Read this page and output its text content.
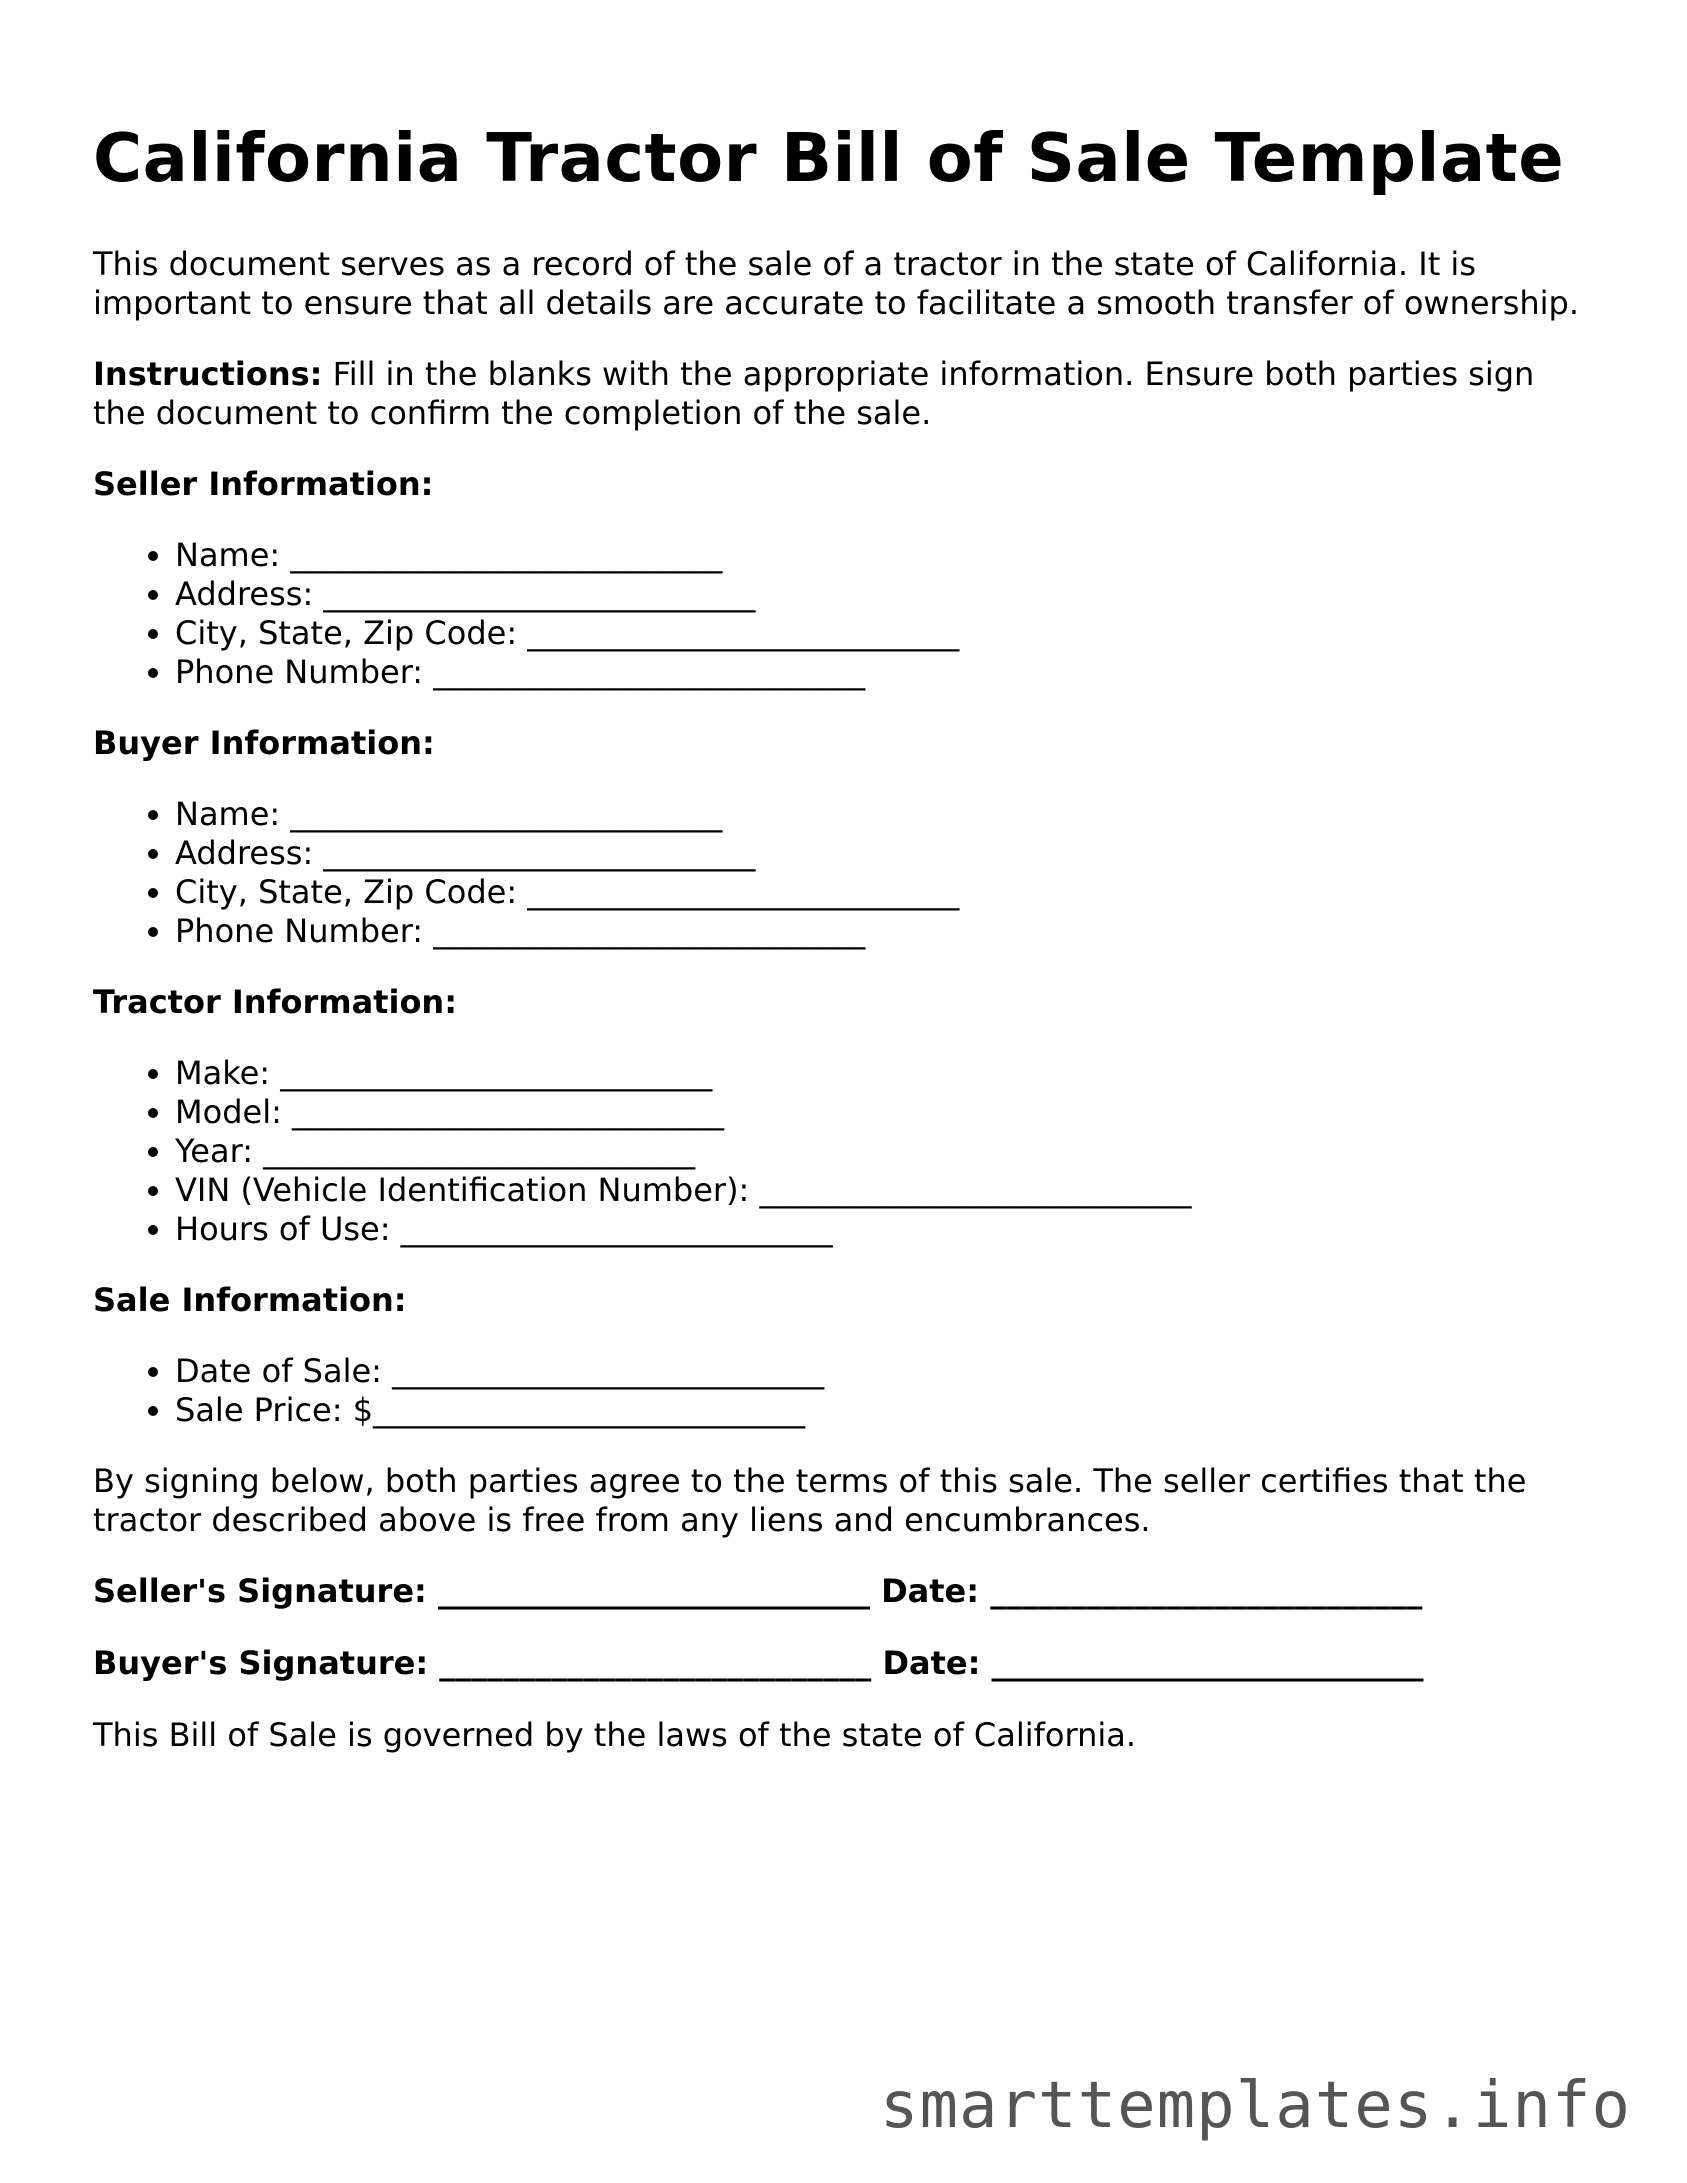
California Tractor Bill of Sale Template

This document serves as a record of the sale of a tractor in the state of California. It is important to ensure that all details are accurate to facilitate a smooth transfer of ownership.

Instructions: Fill in the blanks with the appropriate information. Ensure both parties sign the document to confirm the completion of the sale.

Seller Information:
• Name: ___________________________
• Address: ___________________________
• City, State, Zip Code: ___________________________
• Phone Number: ___________________________
Buyer Information:
• Name: ___________________________
• Address: ___________________________
• City, State, Zip Code: ___________________________
• Phone Number: ___________________________
Tractor Information:
• Make: ___________________________
• Model: ___________________________
• Year: ___________________________
• VIN (Vehicle Identification Number): ___________________________
• Hours of Use: ___________________________
Sale Information:
• Date of Sale: ___________________________
• Sale Price: $___________________________

By signing below, both parties agree to the terms of this sale. The seller certifies that the tractor described above is free from any liens and encumbrances.

Seller's Signature: ___________________________ Date: ___________________________
Buyer's Signature: ___________________________ Date: ___________________________

This Bill of Sale is governed by the laws of the state of California.

smarttemplates.info
